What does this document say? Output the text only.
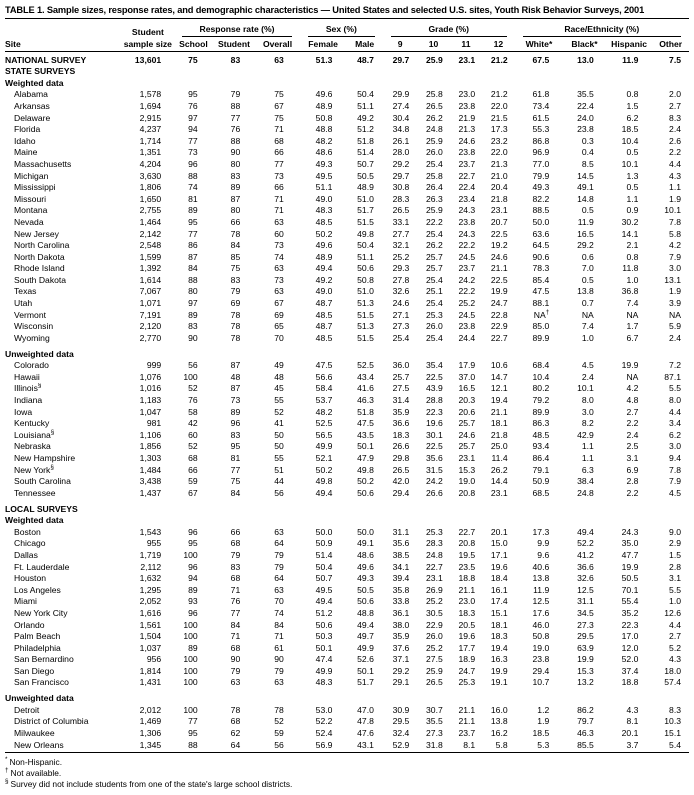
TABLE 1. Sample sizes, response rates, and demographic characteristics — United States and selected U.S. sites, Youth Risk Behavior Surveys, 2001
	Student	Response rate (%)			Sex (%)		Grade (%)				Race/Ethnicity (%)			

Site	sample size	School	Student	Overall	Female	Male	9	10	11	12	White*	Black*	Hispanic	Other
NATIONAL SURVEY	13,601	75	83	63	51.3	48.7	29.7	25.9	23.1	21.2	67.5	13.0	11.9	7.5
STATE SURVEYS														
Weighted data														
Alabama	1,578	95	79	75	49.6	50.4	29.9	25.8	23.0	21.2	61.8	35.5	0.8	2.0
Arkansas	1,694	76	88	67	48.9	51.1	27.4	26.5	23.8	22.0	73.4	22.4	1.5	2.7
Delaware	2,915	97	77	75	50.8	49.2	30.4	26.2	21.9	21.5	61.5	24.0	6.2	8.3
Florida	4,237	94	76	71	48.8	51.2	34.8	24.8	21.3	17.3	55.3	23.8	18.5	2.4
Idaho	1,714	77	88	68	48.2	51.8	26.1	25.9	24.6	23.2	86.8	0.3	10.4	2.6
Maine	1,351	73	90	66	48.6	51.4	28.0	26.0	23.8	22.0	96.9	0.4	0.5	2.2
Massachusetts	4,204	96	80	77	49.3	50.7	29.2	25.4	23.7	21.3	77.0	8.5	10.1	4.4
Michigan	3,630	88	83	73	49.5	50.5	29.7	25.8	22.7	21.0	79.9	14.5	1.3	4.3
Mississippi	1,806	74	89	66	51.1	48.9	30.8	26.4	22.4	20.4	49.3	49.1	0.5	1.1
Missouri	1,650	81	87	71	49.0	51.0	28.3	26.3	23.4	21.8	82.2	14.8	1.1	1.9
Montana	2,755	89	80	71	48.3	51.7	26.5	25.9	24.3	23.1	88.5	0.5	0.9	10.1
Nevada	1,464	95	66	63	48.5	51.5	33.1	22.2	23.8	20.7	50.0	11.9	30.2	7.8
New Jersey	2,142	77	78	60	50.2	49.8	27.7	25.4	24.3	22.5	63.6	16.5	14.1	5.8
North Carolina	2,548	86	84	73	49.6	50.4	32.1	26.2	22.2	19.2	64.5	29.2	2.1	4.2
North Dakota	1,599	87	85	74	48.9	51.1	25.2	25.7	24.5	24.6	90.6	0.6	0.8	7.9
Rhode Island	1,392	84	75	63	49.4	50.6	29.3	25.7	23.7	21.1	78.3	7.0	11.8	3.0
South Dakota	1,614	88	83	73	49.2	50.8	27.8	25.4	24.2	22.5	85.4	0.5	1.0	13.1
Texas	7,067	80	79	63	49.0	51.0	32.6	25.1	22.2	19.9	47.5	13.8	36.8	1.9
Utah	1,071	97	69	67	48.7	51.3	24.6	25.4	25.2	24.7	88.1	0.7	7.4	3.9
Vermont	7,191	89	78	69	48.5	51.5	27.1	25.3	24.5	22.8	NA†	NA	NA	NA
Wisconsin	2,120	83	78	65	48.7	51.3	27.3	26.0	23.8	22.9	85.0	7.4	1.7	5.9
Wyoming	2,770	90	78	70	48.5	51.5	25.4	25.4	24.4	22.7	89.9	1.0	6.7	2.4
Unweighted data														
Colorado	999	56	87	49	47.5	52.5	36.0	35.4	17.9	10.6	68.4	4.5	19.9	7.2
Hawaii	1,076	100	48	48	56.6	43.4	25.7	22.5	37.0	14.7	10.4	2.4	NA	87.1
Illinois§	1,016	52	87	45	58.4	41.6	27.5	43.9	16.5	12.1	80.2	10.1	4.2	5.5
Indiana	1,183	76	73	55	53.7	46.3	31.4	28.8	20.3	19.4	79.2	8.0	4.8	8.0
Iowa	1,047	58	89	52	48.2	51.8	35.9	22.3	20.6	21.1	89.9	3.0	2.7	4.4
Kentucky	981	42	96	41	52.5	47.5	36.6	19.6	25.7	18.1	86.3	8.2	2.2	3.4
Louisiana§	1,106	60	83	50	56.5	43.5	18.3	30.1	24.6	21.8	48.5	42.9	2.4	6.2
Nebraska	1,856	52	95	50	49.9	50.1	26.6	22.5	25.7	25.0	93.4	1.1	2.5	3.0
New Hampshire	1,303	68	81	55	52.1	47.9	29.8	35.6	23.1	11.4	86.4	1.1	3.1	9.4
New York§	1,484	66	77	51	50.2	49.8	26.5	31.5	15.3	26.2	79.1	6.3	6.9	7.8
South Carolina	3,438	59	75	44	49.8	50.2	42.0	24.2	19.0	14.4	50.9	38.4	2.8	7.9
Tennessee	1,437	67	84	56	49.4	50.6	29.4	26.6	20.8	23.1	68.5	24.8	2.2	4.5
LOCAL SURVEYS														
Weighted data														
Boston	1,543	96	66	63	50.0	50.0	31.1	25.3	22.7	20.1	17.3	49.4	24.3	9.0
Chicago	955	95	68	64	50.9	49.1	35.6	28.3	20.8	15.0	9.9	52.2	35.0	2.9
Dallas	1,719	100	79	79	51.4	48.6	38.5	24.8	19.5	17.1	9.6	41.2	47.7	1.5
Ft. Lauderdale	2,112	96	83	79	50.4	49.6	34.1	22.7	23.5	19.6	40.6	36.6	19.9	2.8
Houston	1,632	94	68	64	50.7	49.3	39.4	23.1	18.8	18.4	13.8	32.6	50.5	3.1
Los Angeles	1,295	89	71	63	49.5	50.5	35.8	26.9	21.1	16.1	11.9	12.5	70.1	5.5
Miami	2,052	93	76	70	49.4	50.6	33.8	25.2	23.0	17.4	12.5	31.1	55.4	1.0
New York City	1,616	96	77	74	51.2	48.8	36.1	30.5	18.3	15.1	17.6	34.5	35.2	12.6
Orlando	1,561	100	84	84	50.6	49.4	38.0	22.9	20.5	18.1	46.0	27.3	22.3	4.4
Palm Beach	1,504	100	71	71	50.3	49.7	35.9	26.0	19.6	18.3	50.8	29.5	17.0	2.7
Philadelphia	1,037	89	68	61	50.1	49.9	37.6	25.2	17.7	19.4	19.0	63.9	12.0	5.2
San Bernardino	956	100	90	90	47.4	52.6	37.1	27.5	18.9	16.3	23.8	19.9	52.0	4.3
San Diego	1,814	100	79	79	49.9	50.1	29.2	25.9	24.7	19.9	29.4	15.3	37.4	18.0
San Francisco	1,431	100	63	63	48.3	51.7	29.1	26.5	25.3	19.1	10.7	13.2	18.8	57.4
Unweighted data														
Detroit	2,012	100	78	78	53.0	47.0	30.9	30.7	21.1	16.0	1.2	86.2	4.3	8.3
District of Columbia	1,469	77	68	52	52.2	47.8	29.5	35.5	21.1	13.8	1.9	79.7	8.1	10.3
Milwaukee	1,306	95	62	59	52.4	47.6	32.4	27.3	23.7	16.2	18.5	46.3	20.1	15.1
New Orleans	1,345	88	64	56	56.9	43.1	52.9	31.8	8.1	5.8	5.3	85.5	3.7	5.4
* Non-Hispanic.
† Not available.
§ Survey did not include students from one of the state's large school districts.
